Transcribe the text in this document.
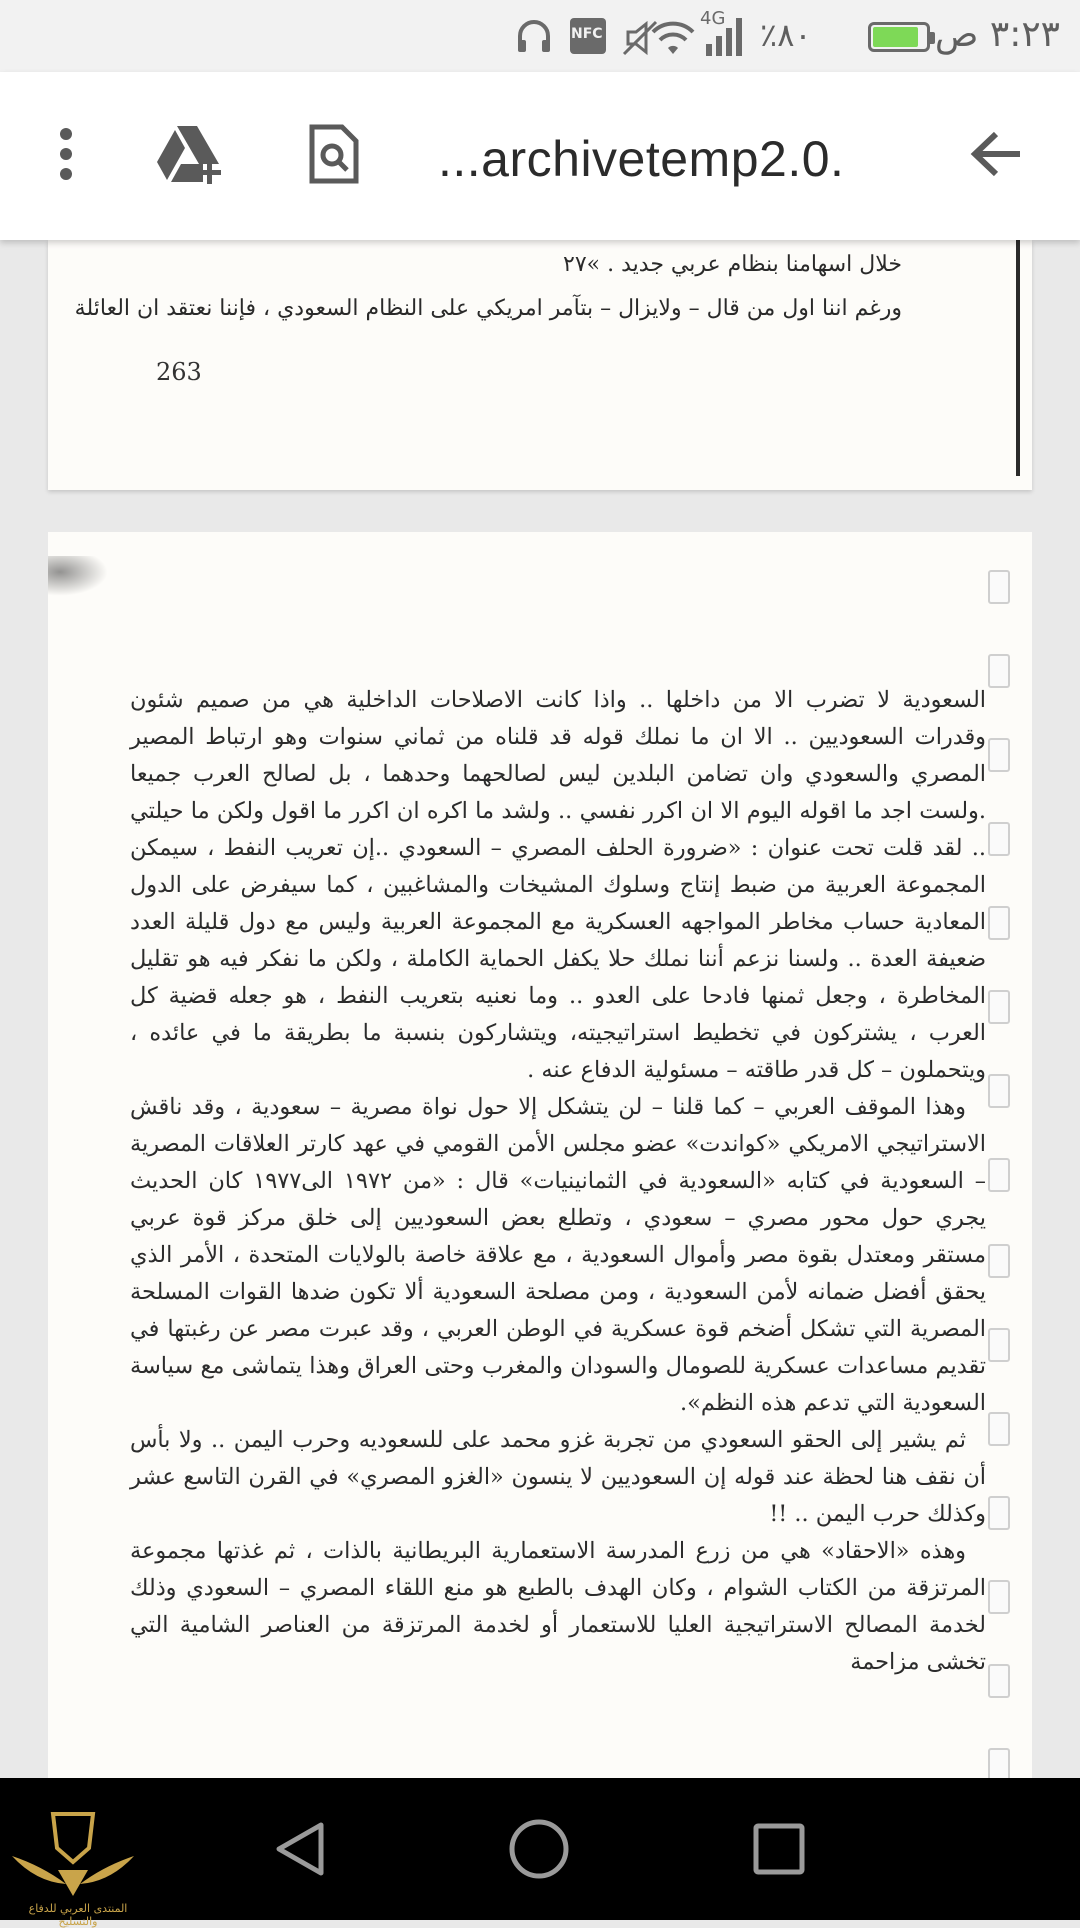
٣:٢٣ ص
٨٠٪
4G
NFC
...archivetemp2.0.
خلال اسهامنا بنظام عربي جديد . »٢٧
ورغم اننا اول من قال – ولايزال – بتآمر امريكي على النظام السعودي ، فإننا نعتقد ان العائلة
263

السعودية لا تضرب الا من داخلها .. واذا كانت الاصلاحات الداخلية هي من صميم شئون وقدرات السعوديين .. الا ان ما نملك قوله قد قلناه من ثماني سنوات وهو ارتباط المصير المصري والسعودي وان تضامن البلدين ليس لصالحهما وحدهما ، بل لصالح العرب جميعا .ولست اجد ما اقوله اليوم الا ان اكرر نفسي .. ولشد ما اكره ان اكرر ما اقول ولكن ما حيلتي .. لقد قلت تحت عنوان : «ضرورة الحلف المصري – السعودي ..إن تعريب النفط ، سيمكن المجموعة العربية من ضبط إنتاج وسلوك المشيخات والمشاغبين ، كما سيفرض على الدول المعادية حساب مخاطر المواجهه العسكرية مع المجموعة العربية وليس مع دول قليلة العدد ضعيفة العدة .. ولسنا نزعم أننا نملك حلا يكفل الحماية الكاملة ، ولكن ما نفكر فيه هو تقليل المخاطرة ، وجعل ثمنها فادحا على العدو .. وما نعنيه بتعريب النفط ، هو جعله قضية كل العرب ، يشتركون في تخطيط استراتيجيته، ويتشاركون بنسبة ما بطريقة ما في عائده ، ويتحملون – كل قدر طاقته – مسئولية الدفاع عنه .

وهذا الموقف العربي – كما قلنا – لن يتشكل إلا حول نواة مصرية – سعودية ، وقد ناقش الاستراتيجي الامريكي «كواندت» عضو مجلس الأمن القومي في عهد كارتر العلاقات المصرية – السعودية في كتابه «السعودية في الثمانينيات» قال : «من ١٩٧٢ الى١٩٧٧ كان الحديث يجري حول محور مصري – سعودي ، وتطلع بعض السعوديين إلى خلق مركز قوة عربي مستقر ومعتدل بقوة مصر وأموال السعودية ، مع علاقة خاصة بالولايات المتحدة ، الأمر الذي يحقق أفضل ضمانه لأمن السعودية ، ومن مصلحة السعودية ألا تكون ضدها القوات المسلحة المصرية التي تشكل أضخم قوة عسكرية في الوطن العربي ، وقد عبرت مصر عن رغبتها في تقديم مساعدات عسكرية للصومال والسودان والمغرب وحتى العراق وهذا يتماشى مع سياسة السعودية التي تدعم هذه النظم».

ثم يشير إلى الحقو السعودي من تجربة غزو محمد على للسعوديه وحرب اليمن .. ولا بأس أن نقف هنا لحظة عند قوله إن السعوديين لا ينسون «الغزو المصري» في القرن التاسع عشر وكذلك حرب اليمن .. !!

وهذه «الاحقاد» هي من زرع المدرسة الاستعمارية البريطانية بالذات ، ثم غذتها مجموعة المرتزقة من الكتاب الشوام ، وكان الهدف بالطبع هو منع اللقاء المصري – السعودي وذلك لخدمة المصالح الاستراتيجية العليا للاستعمار أو لخدمة المرتزقة من العناصر الشامية التي تخشى مزاحمة

المنتدى العربي للدفاع والتسليح
